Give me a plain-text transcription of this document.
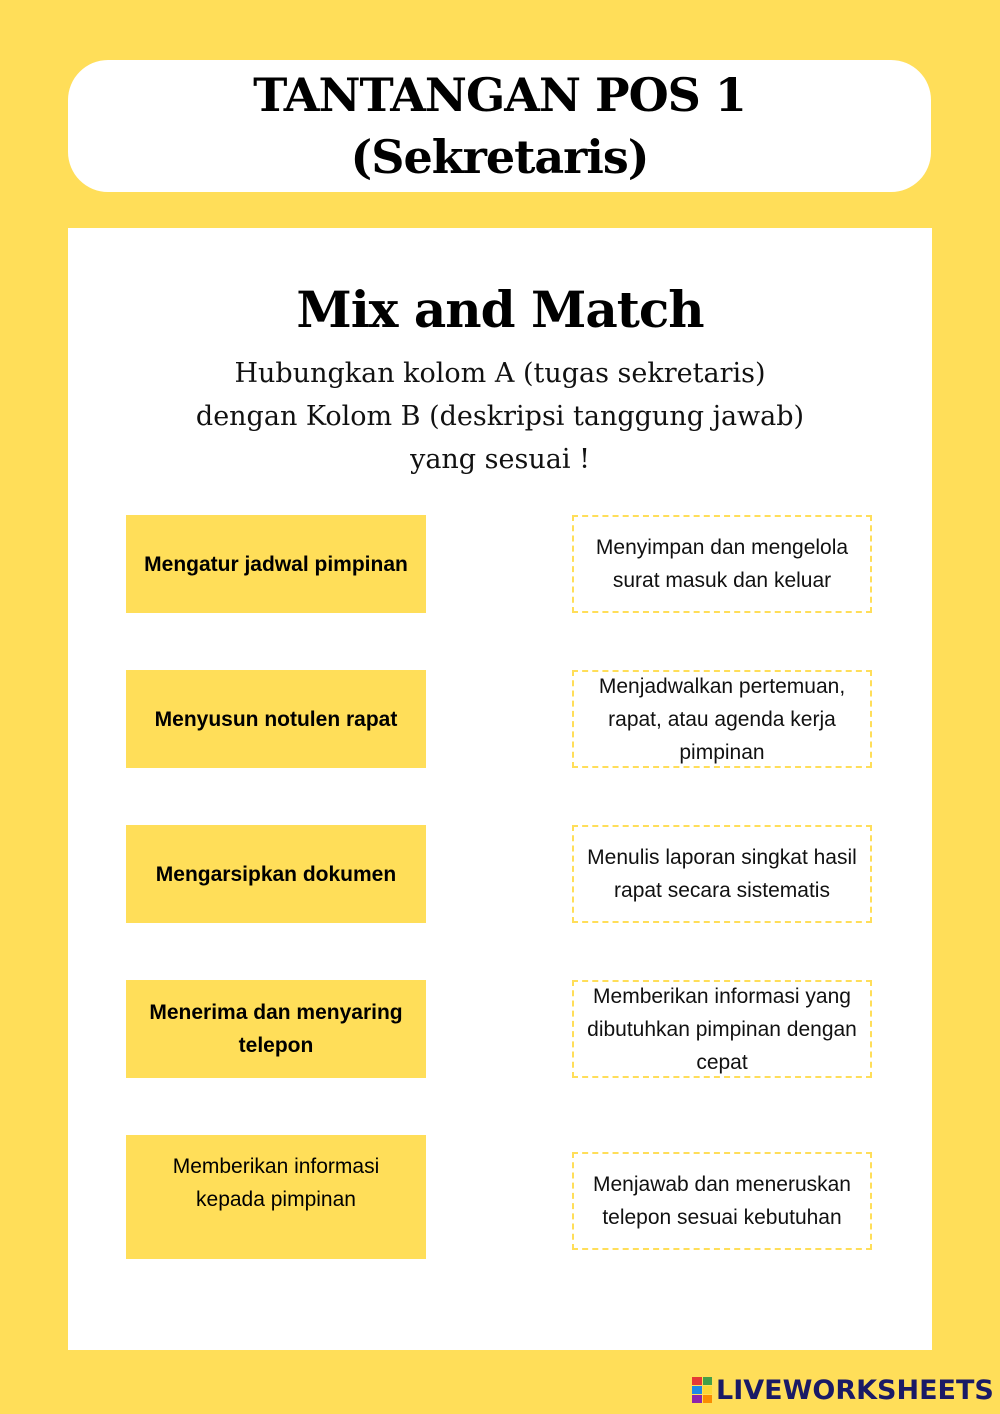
TANTANGAN POS 1
(Sekretaris)
Mix and Match
Hubungkan kolom A (tugas sekretaris)
dengan Kolom B (deskripsi tanggung jawab)
yang sesuai !
Mengatur jadwal pimpinan
Menyusun notulen rapat
Mengarsipkan dokumen
Menerima dan menyaring telepon
Memberikan informasi kepada pimpinan
Menyimpan dan mengelola surat masuk dan keluar
Menjadwalkan pertemuan, rapat, atau agenda kerja pimpinan
Menulis laporan singkat hasil rapat secara sistematis
Memberikan informasi yang dibutuhkan pimpinan dengan cepat
Menjawab dan meneruskan telepon sesuai kebutuhan
LIVEWORKSHEETS
